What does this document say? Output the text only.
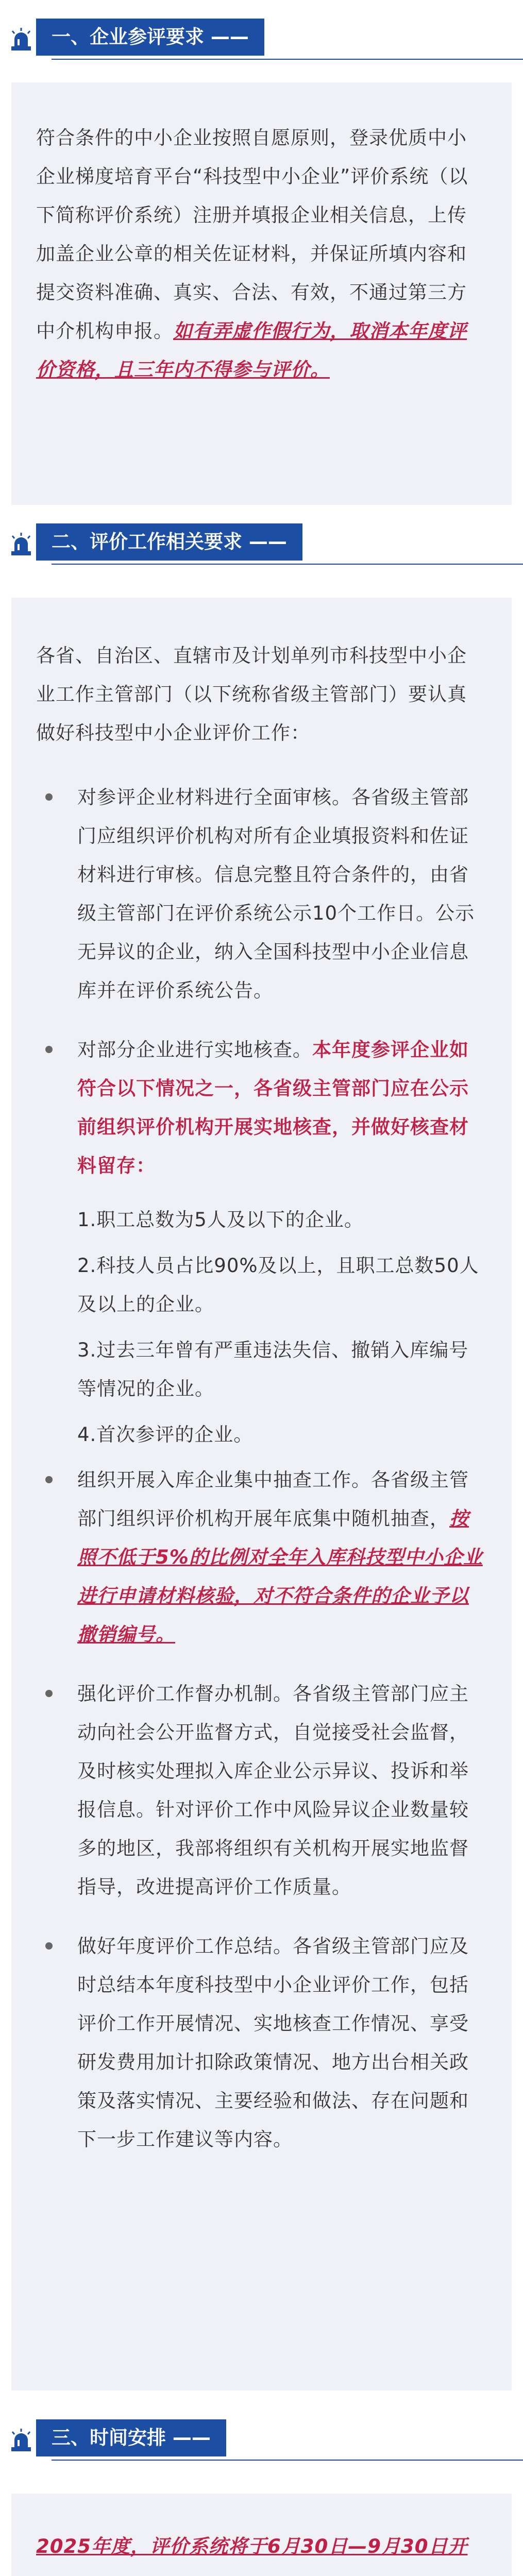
一、企业参评要求 ——
符合条件的中小企业按照自愿原则，登录优质中小
企业梯度培育平台“科技型中小企业”评价系统（以
下简称评价系统）注册并填报企业相关信息，上传
加盖企业公章的相关佐证材料，并保证所填内容和
提交资料准确、真实、合法、有效，不通过第三方
中介机构申报。如有弄虚作假行为，取消本年度评
价资格，且三年内不得参与评价。
二、评价工作相关要求 ——
各省、自治区、直辖市及计划单列市科技型中小企
业工作主管部门（以下统称省级主管部门）要认真
做好科技型中小企业评价工作：
对参评企业材料进行全面审核。各省级主管部
门应组织评价机构对所有企业填报资料和佐证
材料进行审核。信息完整且符合条件的，由省
级主管部门在评价系统公示10个工作日。公示
无异议的企业，纳入全国科技型中小企业信息
库并在评价系统公告。
对部分企业进行实地核查。本年度参评企业如
符合以下情况之一，各省级主管部门应在公示
前组织评价机构开展实地核查，并做好核查材
料留存：
1.职工总数为5人及以下的企业。
2.科技人员占比90%及以上，且职工总数50人
及以上的企业。
3.过去三年曾有严重违法失信、撤销入库编号
等情况的企业。
4.首次参评的企业。
组织开展入库企业集中抽查工作。各省级主管
部门组织评价机构开展年底集中随机抽查，按
照不低于5%的比例对全年入库科技型中小企业
进行申请材料核验，对不符合条件的企业予以
撤销编号。
强化评价工作督办机制。各省级主管部门应主
动向社会公开监督方式，自觉接受社会监督，
及时核实处理拟入库企业公示异议、投诉和举
报信息。针对评价工作中风险异议企业数量较
多的地区，我部将组织有关机构开展实地监督
指导，改进提高评价工作质量。
做好年度评价工作总结。各省级主管部门应及
时总结本年度科技型中小企业评价工作，包括
评价工作开展情况、实地核查工作情况、享受
研发费用加计扣除政策情况、地方出台相关政
策及落实情况、主要经验和做法、存在问题和
下一步工作建议等内容。
三、时间安排 ——
2025年度，评价系统将于6月30日—9月30日开
